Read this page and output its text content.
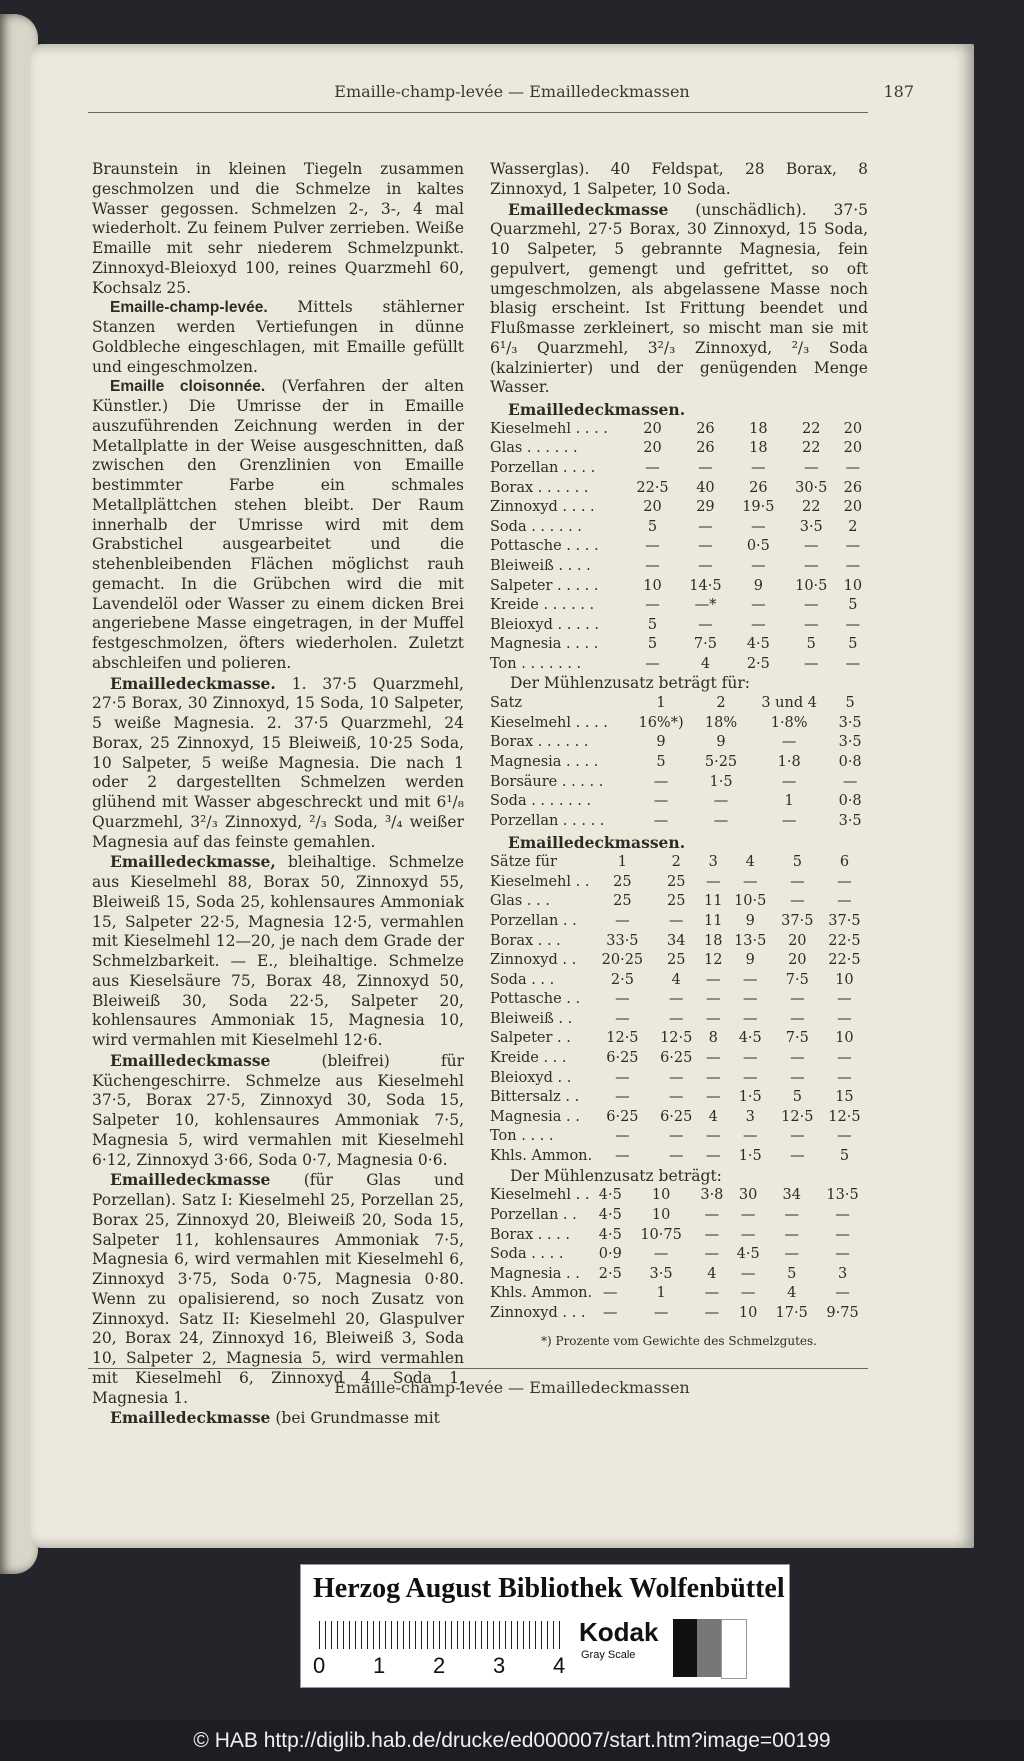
Emaille-champ-levée — Emailledeckmassen	187

Braunstein in kleinen Tiegeln zusammen geschmolzen und die Schmelze in kaltes Wasser gegossen. Schmelzen 2-, 3-, 4 mal wiederholt. Zu feinem Pulver zerrieben. Weiße Emaille mit sehr niederem Schmelzpunkt. Zinnoxyd-Bleioxyd 100, reines Quarzmehl 60, Kochsalz 25.

Emaille-champ-levée. Mittels stählerner Stanzen werden Vertiefungen in dünne Goldbleche eingeschlagen, mit Emaille gefüllt und eingeschmolzen.

Emaille cloisonnée. (Verfahren der alten Künstler.) Die Umrisse der in Emaille auszuführenden Zeichnung werden in der Metallplatte in der Weise ausgeschnitten, daß zwischen den Grenzlinien von Emaille bestimmter Farbe ein schmales Metallplättchen stehen bleibt. Der Raum innerhalb der Umrisse wird mit dem Grabstichel ausgearbeitet und die stehenbleibenden Flächen möglichst rauh gemacht. In die Grübchen wird die mit Lavendelöl oder Wasser zu einem dicken Brei angeriebene Masse eingetragen, in der Muffel festgeschmolzen, öfters wiederholen. Zuletzt abschleifen und polieren.

Emailledeckmasse. 1. 37·5 Quarzmehl, 27·5 Borax, 30 Zinnoxyd, 15 Soda, 10 Salpeter, 5 weiße Magnesia. 2. 37·5 Quarzmehl, 24 Borax, 25 Zinnoxyd, 15 Bleiweiß, 10·25 Soda, 10 Salpeter, 5 weiße Magnesia. Die nach 1 oder 2 dargestellten Schmelzen werden glühend mit Wasser abgeschreckt und mit 6¹/₈ Quarzmehl, 3²/₃ Zinnoxyd, ²/₃ Soda, ³/₄ weißer Magnesia auf das feinste gemahlen.

Emailledeckmasse, bleihaltige. Schmelze aus Kieselmehl 88, Borax 50, Zinnoxyd 55, Bleiweiß 15, Soda 25, kohlensaures Ammoniak 15, Salpeter 22·5, Magnesia 12·5, vermahlen mit Kieselmehl 12—20, je nach dem Grade der Schmelzbarkeit. — E., bleihaltige. Schmelze aus Kieselsäure 75, Borax 48, Zinnoxyd 50, Bleiweiß 30, Soda 22·5, Salpeter 20, kohlensaures Ammoniak 15, Magnesia 10, wird vermahlen mit Kieselmehl 12·6.

Emailledeckmasse	(bleifrei) für Küchengeschirre. Schmelze aus Kieselmehl 37·5, Borax 27·5, Zinnoxyd 30, Soda 15, Salpeter 10, kohlensaures Ammoniak 7·5, Magnesia 5, wird vermahlen mit Kieselmehl 6·12, Zinnoxyd 3·66, Soda 0·7, Magnesia 0·6.

Emailledeckmasse (für Glas und Porzellan). Satz I: Kieselmehl 25, Porzellan 25, Borax 25, Zinnoxyd 20, Bleiweiß 20, Soda 15, Salpeter 11, kohlensaures Ammoniak 7·5, Magnesia 6, wird vermahlen mit Kieselmehl 6, Zinnoxyd 3·75, Soda 0·75, Magnesia 0·80. Wenn zu opalisierend, so noch Zusatz von Zinnoxyd. Satz II: Kieselmehl 20, Glaspulver 20, Borax 24, Zinnoxyd 16, Bleiweiß 3, Soda 10, Salpeter 2, Magnesia 5, wird vermahlen mit Kieselmehl 6, Zinnoxyd 4, Soda 1, Magnesia 1.

Emailledeckmasse (bei Grundmasse mit

Wasserglas). 40 Feldspat, 28 Borax, 8 Zinnoxyd, 1 Salpeter, 10 Soda.

Emailledeckmasse (unschädlich). 37·5 Quarzmehl, 27·5 Borax, 30 Zinnoxyd, 15 Soda, 10 Salpeter, 5 gebrannte Magnesia, fein gepulvert, gemengt und gefrittet, so oft umgeschmolzen, als abgelassene Masse noch blasig erscheint. Ist Frittung beendet und Flußmasse zerkleinert, so mischt man sie mit 6¹/₃ Quarzmehl, 3²/₃ Zinnoxyd, ²/₃ Soda (kalzinierter) und der genügenden Menge Wasser.

Emailledeckmassen.
Kieselmehl . . . .	20	26	18	22	20
Glas . . . . . .	20	26	18	22	20
Porzellan . . . .	—	—	—	—	—
Borax . . . . . .	22·5	40	26	30·5	26
Zinnoxyd . . . .	20	29	19·5	22	20
Soda . . . . . .	5	—	—	3·5	2
Pottasche . . . .	—	—	0·5	—	—
Bleiweiß . . . .	—	—	—	—	—
Salpeter . . . . .	10	14·5	9	10·5	10
Kreide . . . . . .	—	—*	—	—	5
Bleioxyd . . . . .	5	—	—	—	—
Magnesia . . . .	5	7·5	4·5	5	5
Ton . . . . . . .	—	4	2·5	—	—
Der Mühlenzusatz beträgt für:
Satz	1	2	3 und 4	5
Kieselmehl . . . .	16%*)	18%	1·8%	3·5
Borax . . . . . .	9	9	—	3·5
Magnesia . . . .	5	5·25	1·8	0·8
Borsäure . . . . .	—	1·5	—	—
Soda . . . . . . .	—	—	1	0·8
Porzellan . . . . .	—	—	—	3·5
Emailledeckmassen.
Sätze für	1	2	3	4	5	6
Kieselmehl . .	25	25	—	—	—	—
Glas . . .	25	25	11	10·5	—	—
Porzellan . .	—	—	11	9	37·5	37·5
Borax . . .	33·5	34	18	13·5	20	22·5
Zinnoxyd . .	20·25	25	12	9	20	22·5
Soda . . .	2·5	4	—	—	7·5	10
Pottasche . .	—	—	—	—	—	—
Bleiweiß . .	—	—	—	—	—	—
Salpeter . .	12·5	12·5	8	4·5	7·5	10
Kreide . . .	6·25	6·25	—	—	—	—
Bleioxyd . .	—	—	—	—	—	—
Bittersalz . .	—	—	—	1·5	5	15
Magnesia . .	6·25	6·25	4	3	12·5	12·5
Ton . . . .	—	—	—	—	—	—
Khls. Ammon.	—	—	—	1·5	—	5
Der Mühlenzusatz beträgt:
Kieselmehl . .	4·5	10	3·8	30	34	13·5
Porzellan . .	4·5	10	—	—	—	—
Borax . . . .	4·5	10·75	—	—	—	—
Soda . . . .	0·9	—	—	4·5	—	—
Magnesia . .	2·5	3·5	4	—	5	3
Khls. Ammon.	—	1	—	—	4	—
Zinnoxyd . . .	—	—	—	10	17·5	9·75
*) Prozente vom Gewichte des Schmelzgutes.
Emaille-champ-levée — Emailledeckmassen
Herzog August Bibliothek Wolfenbüttel
0 1 2 3 4
Kodak
Gray Scale
© HAB http://diglib.hab.de/drucke/ed000007/start.htm?image=00199
